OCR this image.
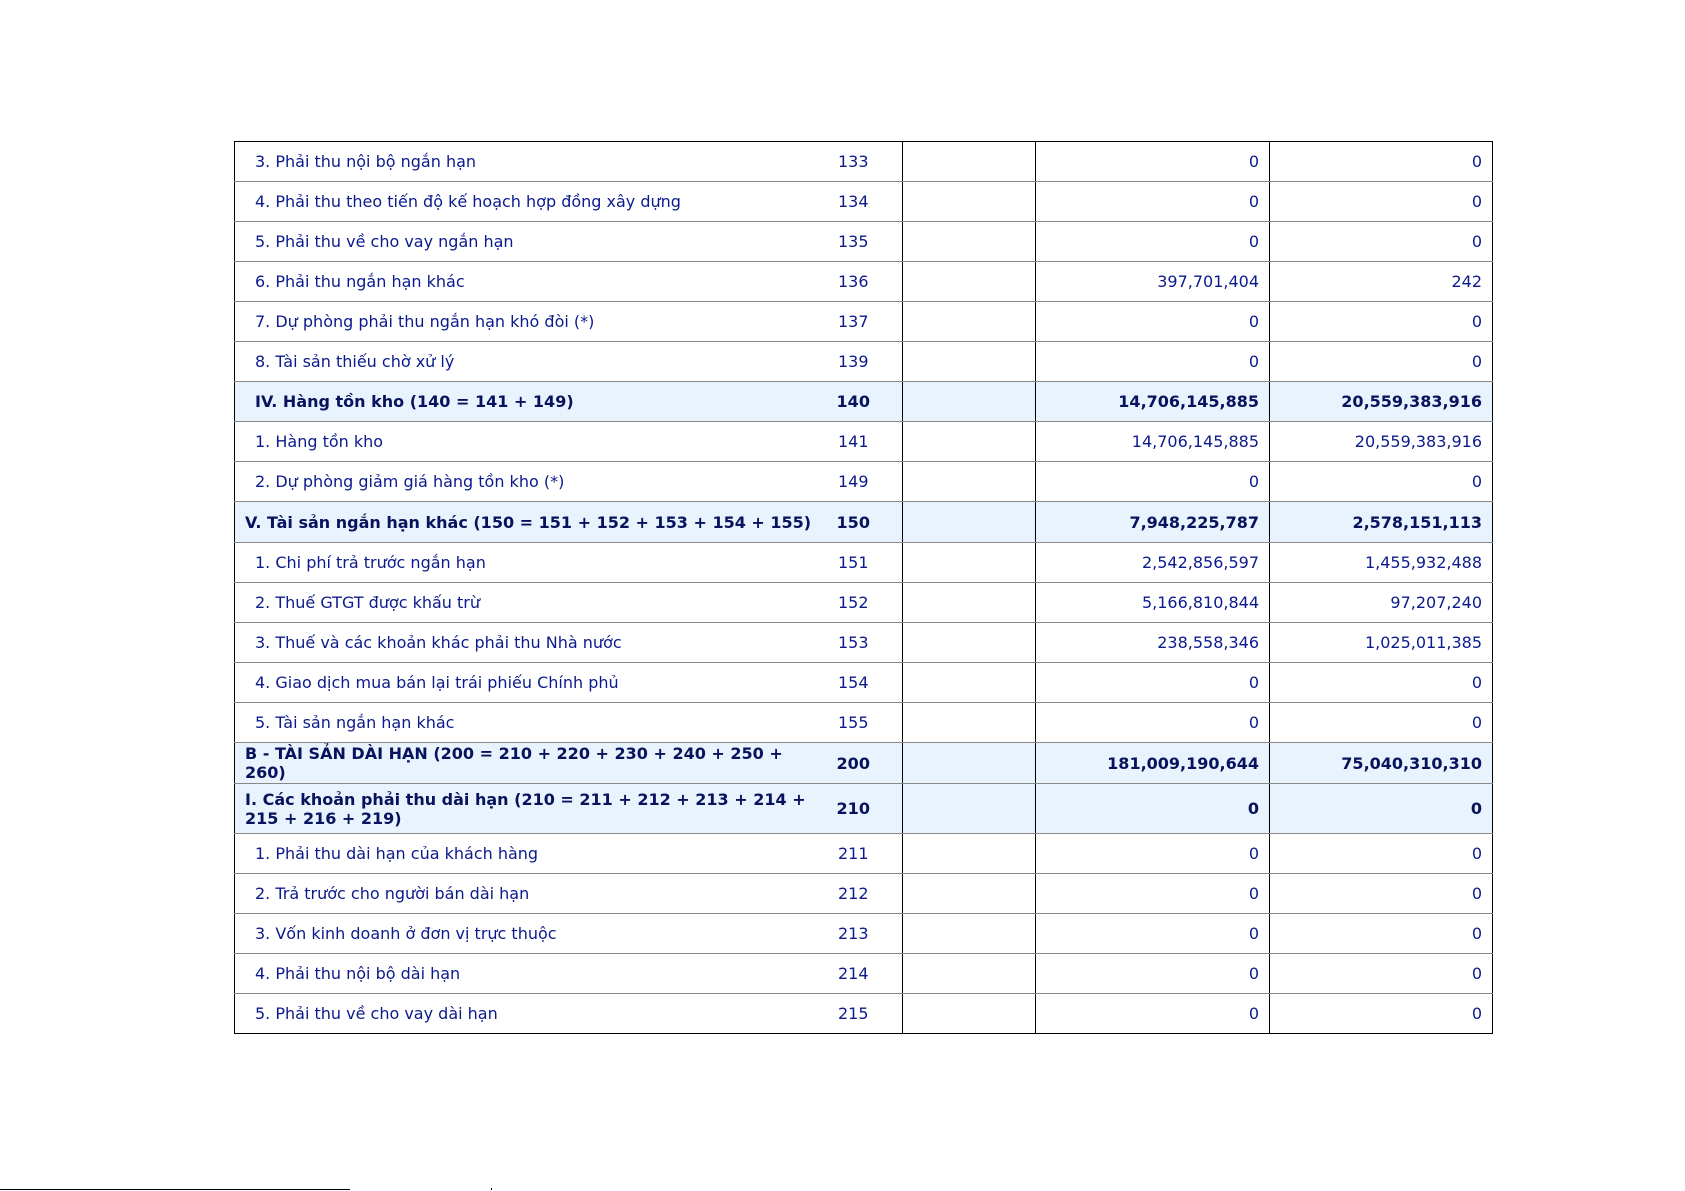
3. Phải thu nội bộ ngắn hạn	133		0	0
4. Phải thu theo tiến độ kế hoạch hợp đồng xây dựng	134		0	0
5. Phải thu về cho vay ngắn hạn	135		0	0
6. Phải thu ngắn hạn khác	136		397,701,404	242
7. Dự phòng phải thu ngắn hạn khó đòi (*)	137		0	0
8. Tài sản thiếu chờ xử lý	139		0	0
IV. Hàng tồn kho (140 = 141 + 149)	140		14,706,145,885	20,559,383,916
1. Hàng tồn kho	141		14,706,145,885	20,559,383,916
2. Dự phòng giảm giá hàng tồn kho (*)	149		0	0
V. Tài sản ngắn hạn khác (150 = 151 + 152 + 153 + 154 + 155)	150		7,948,225,787	2,578,151,113
1. Chi phí trả trước ngắn hạn	151		2,542,856,597	1,455,932,488
2. Thuế GTGT được khấu trừ	152		5,166,810,844	97,207,240
3. Thuế và các khoản khác phải thu Nhà nước	153		238,558,346	1,025,011,385
4. Giao dịch mua bán lại trái phiếu Chính phủ	154		0	0
5. Tài sản ngắn hạn khác	155		0	0
B - TÀI SẢN DÀI HẠN (200 = 210 + 220 + 230 + 240 + 250 + 260)	200		181,009,190,644	75,040,310,310
I. Các khoản phải thu dài hạn (210 = 211 + 212 + 213 + 214 + 215 + 216 + 219)	210		0	0
1. Phải thu dài hạn của khách hàng	211		0	0
2. Trả trước cho người bán dài hạn	212		0	0
3. Vốn kinh doanh ở đơn vị trực thuộc	213		0	0
4. Phải thu nội bộ dài hạn	214		0	0
5. Phải thu về cho vay dài hạn	215		0	0
